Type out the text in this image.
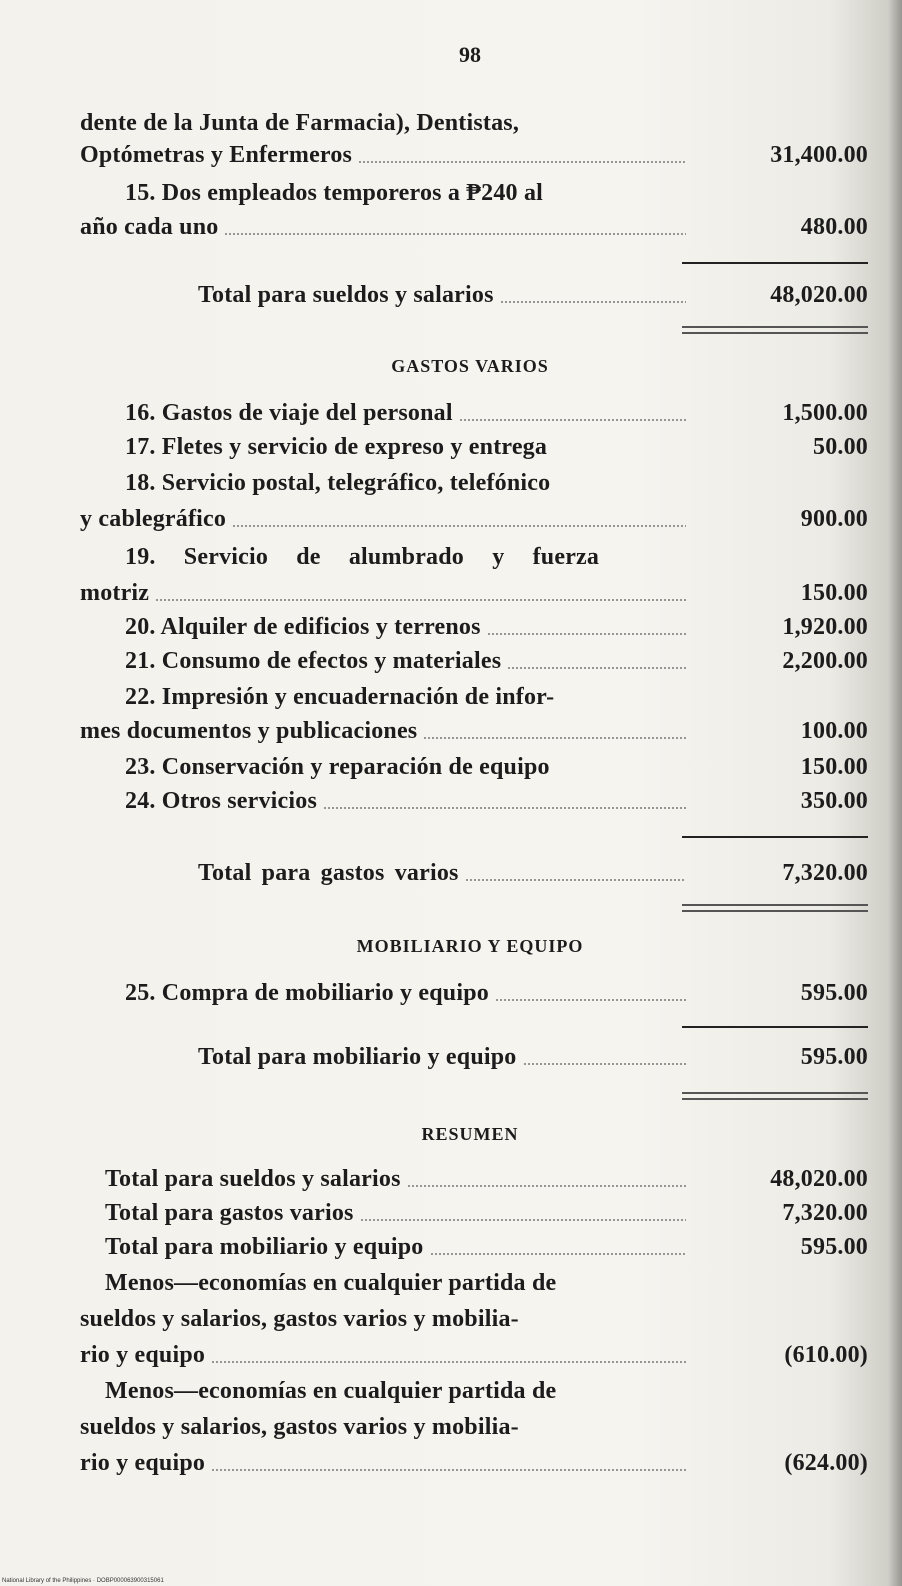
98
dente de la Junta de Farmacia), Dentistas,
Optómetras y Enfermeros	31,400.00
15. Dos empleados temporeros a ₱240 al
año cada uno	480.00
Total para sueldos y salarios	48,020.00
GASTOS VARIOS
16. Gastos de viaje del personal	1,500.00
17. Fletes y servicio de expreso y entrega	50.00
18. Servicio postal, telegráfico, telefónico
y cablegráfico	900.00
19. Servicio de alumbrado y fuerza
motriz	150.00
20. Alquiler de edificios y terrenos	1,920.00
21. Consumo de efectos y materiales	2,200.00
22. Impresión y encuadernación de infor-
mes documentos y publicaciones	100.00
23. Conservación y reparación de equipo	150.00
24. Otros servicios	350.00
Total para gastos varios	7,320.00
MOBILIARIO Y EQUIPO
25. Compra de mobiliario y equipo	595.00
Total para mobiliario y equipo	595.00
RESUMEN
Total para sueldos y salarios	48,020.00
Total para gastos varios	7,320.00
Total para mobiliario y equipo	595.00
Menos—economías en cualquier partida de
sueldos y salarios, gastos varios y mobilia-
rio y equipo	(610.00)
Menos—economías en cualquier partida de
sueldos y salarios, gastos varios y mobilia-
rio y equipo	(624.00)
National Library of the Philippines · DOBP000063900315061
